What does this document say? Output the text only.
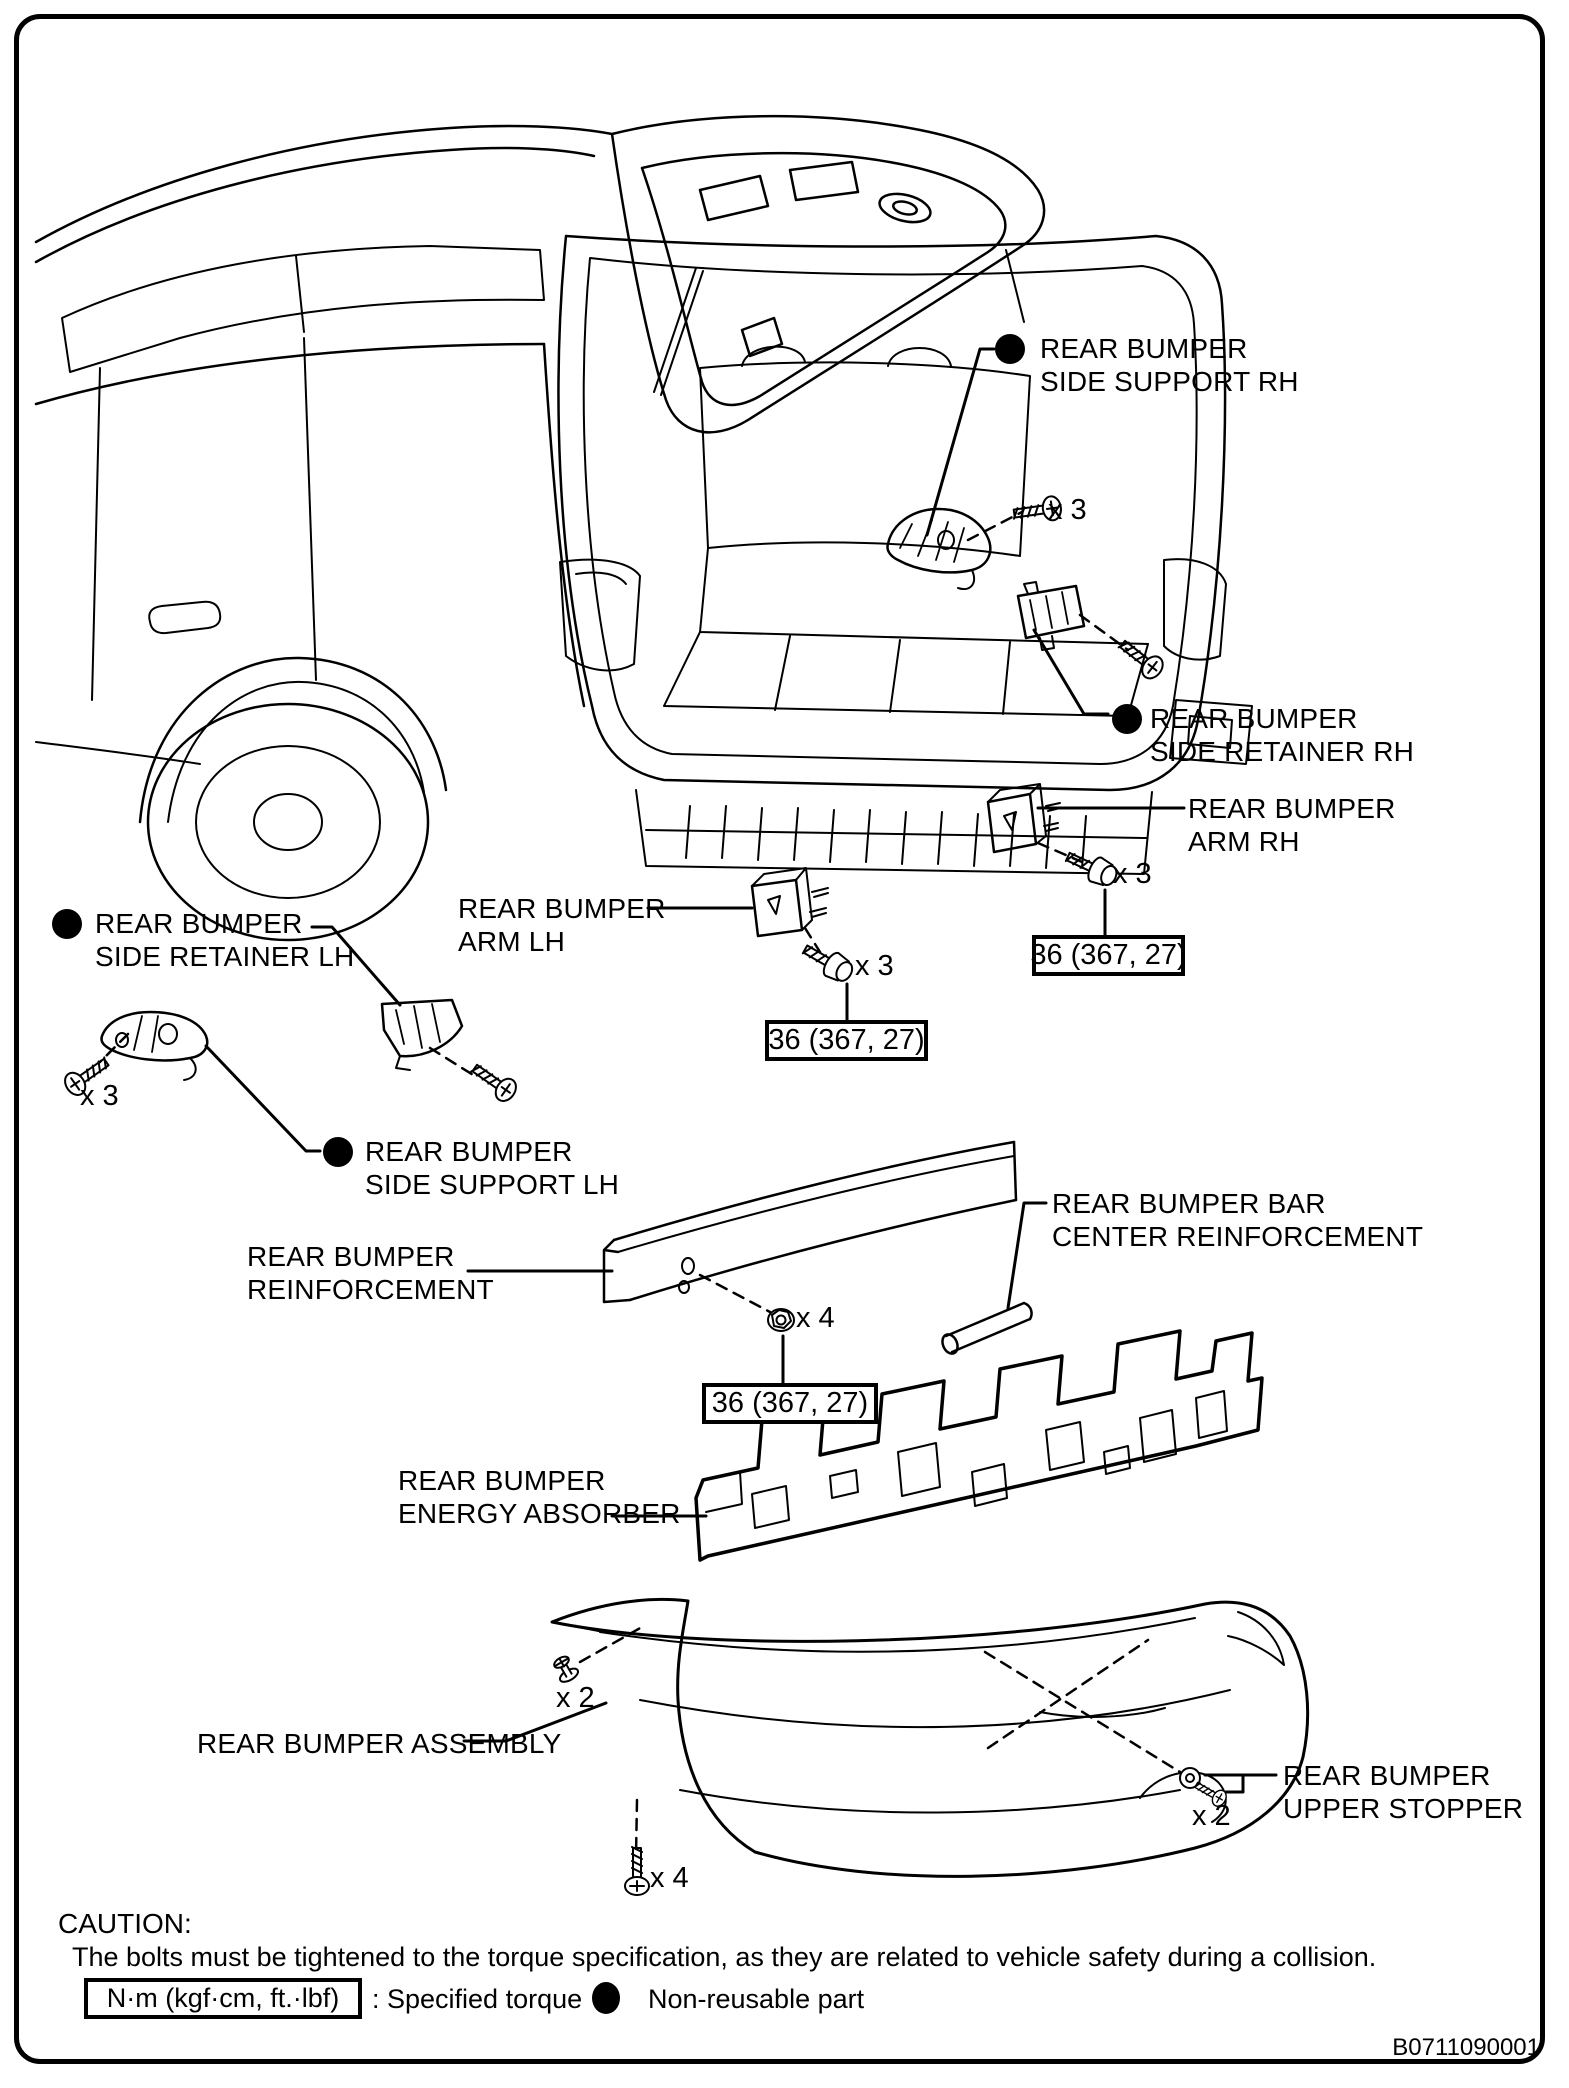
REAR BUMPER
SIDE SUPPORT RH
REAR BUMPER
SIDE RETAINER RH
REAR BUMPER
ARM RH
REAR BUMPER
ARM LH
REAR BUMPER
SIDE RETAINER LH
REAR BUMPER
SIDE SUPPORT LH
REAR BUMPER
REINFORCEMENT
REAR BUMPER BAR
CENTER REINFORCEMENT
REAR BUMPER
ENERGY ABSORBER
REAR BUMPER ASSEMBLY
REAR BUMPER
UPPER STOPPER
x 3
x 3
x 3
x 3
x 4
x 2
x 2
x 4
36 (367, 27)
36 (367, 27)
36 (367, 27)
CAUTION:
The bolts must be tightened to the torque specification, as they are related to vehicle safety during a collision.
N·m (kgf·cm, ft.·lbf)	: Specified torque Non-reusable part
B0711090001
